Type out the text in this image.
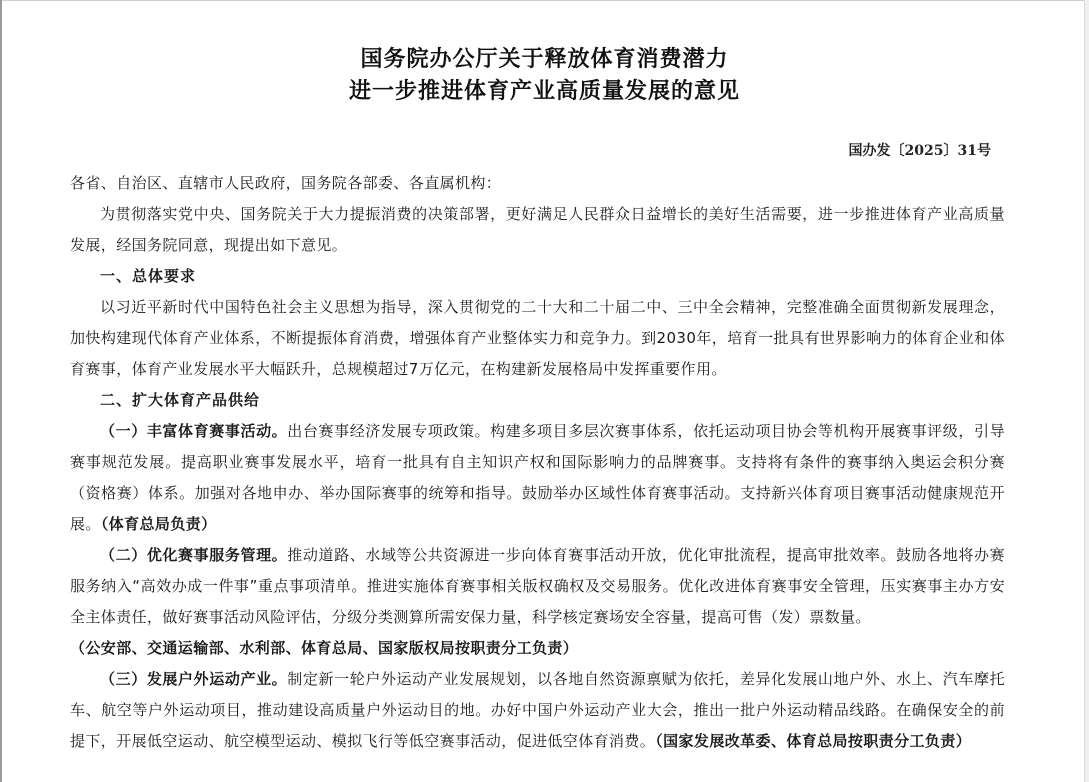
国务院办公厅关于释放体育消费潜力
进一步推进体育产业高质量发展的意见
国办发〔2025〕31号

各省、自治区、直辖市人民政府，国务院各部委、各直属机构：

为贯彻落实党中央、国务院关于大力提振消费的决策部署，更好满足人民群众日益增长的美好生活需要，进一步推进体育产业高质量发展，经国务院同意，现提出如下意见。

一、总体要求

以习近平新时代中国特色社会主义思想为指导，深入贯彻党的二十大和二十届二中、三中全会精神，完整准确全面贯彻新发展理念，加快构建现代体育产业体系，不断提振体育消费，增强体育产业整体实力和竞争力。到2030年，培育一批具有世界影响力的体育企业和体育赛事，体育产业发展水平大幅跃升，总规模超过7万亿元，在构建新发展格局中发挥重要作用。

二、扩大体育产品供给

（一）丰富体育赛事活动。出台赛事经济发展专项政策。构建多项目多层次赛事体系，依托运动项目协会等机构开展赛事评级，引导赛事规范发展。提高职业赛事发展水平，培育一批具有自主知识产权和国际影响力的品牌赛事。支持将有条件的赛事纳入奥运会积分赛（资格赛）体系。加强对各地申办、举办国际赛事的统筹和指导。鼓励举办区域性体育赛事活动。支持新兴体育项目赛事活动健康规范开展。（体育总局负责）

（二）优化赛事服务管理。推动道路、水域等公共资源进一步向体育赛事活动开放，优化审批流程，提高审批效率。鼓励各地将办赛服务纳入“高效办成一件事”重点事项清单。推进实施体育赛事相关版权确权及交易服务。优化改进体育赛事安全管理，压实赛事主办方安全主体责任，做好赛事活动风险评估，分级分类测算所需安保力量，科学核定赛场安全容量，提高可售（发）票数量。
（公安部、交通运输部、水利部、体育总局、国家版权局按职责分工负责）

（三）发展户外运动产业。制定新一轮户外运动产业发展规划，以各地自然资源禀赋为依托，差异化发展山地户外、水上、汽车摩托车、航空等户外运动项目，推动建设高质量户外运动目的地。办好中国户外运动产业大会，推出一批户外运动精品线路。在确保安全的前提下，开展低空运动、航空模型运动、模拟飞行等低空赛事活动，促进低空体育消费。（国家发展改革委、体育总局按职责分工负责）
